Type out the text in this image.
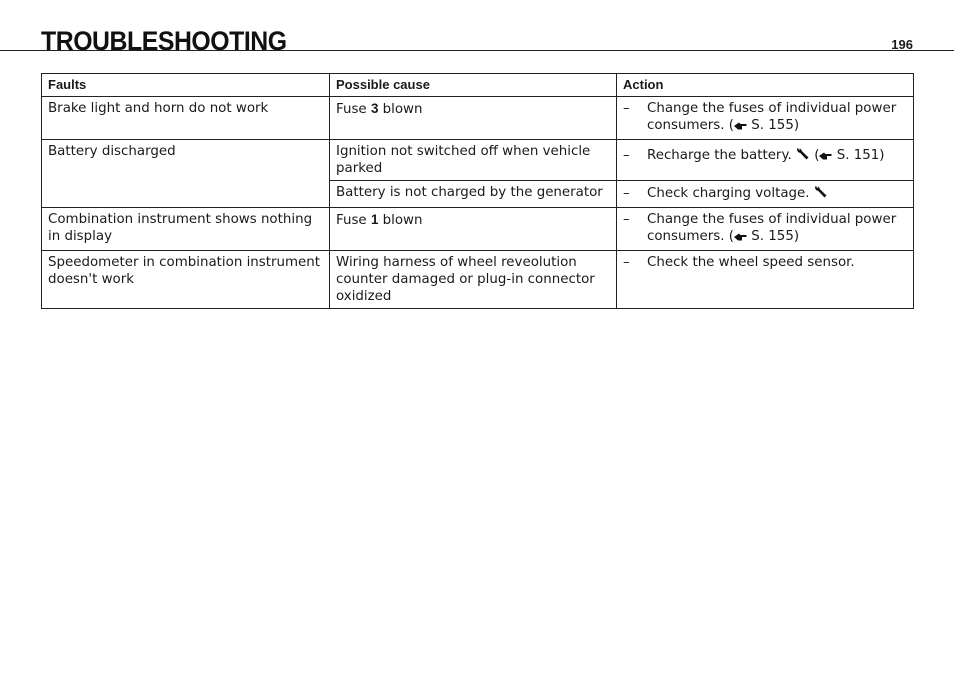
TROUBLESHOOTING	196
Faults	Possible cause	Action
Brake light and horn do not work	Fuse 3 blown	– Change the fuses of individual power consumers. ( S. 155)

Battery discharged	Ignition not switched off when vehicle parked	– Recharge the battery.  ( S. 151)

	Battery is not charged by the generator	– Check charging voltage.

Combination instrument shows nothing in display	Fuse 1 blown	– Change the fuses of individual power consumers. ( S. 155)

Speedometer in combination instrument doesn't work	Wiring harness of wheel reveolution counter damaged or plug-in connector oxidized	– Check the wheel speed sensor.
